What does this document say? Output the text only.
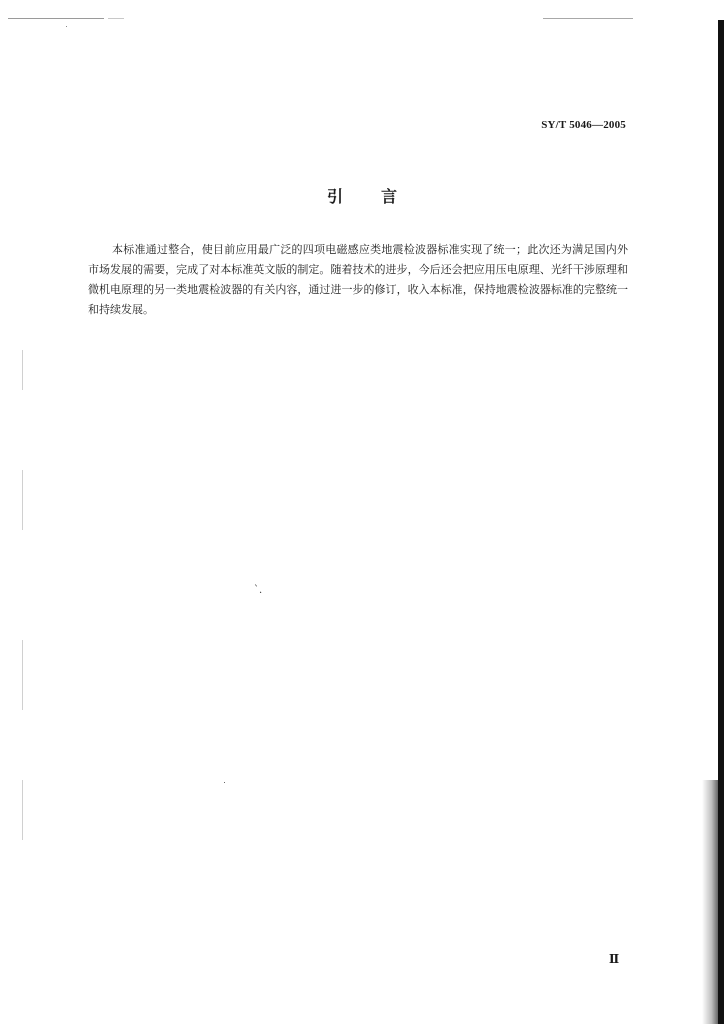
SY/T 5046—2005
引言

本标准通过整合，使目前应用最广泛的四项电磁感应类地震检波器标准实现了统一；此次还为满足国内外市场发展的需要，完成了对本标准英文版的制定。随着技术的进步，今后还会把应用压电原理、光纤干涉原理和微机电原理的另一类地震检波器的有关内容，通过进一步的修订，收入本标准，保持地震检波器标准的完整统一和持续发展。

ˋ.
Ⅱ
